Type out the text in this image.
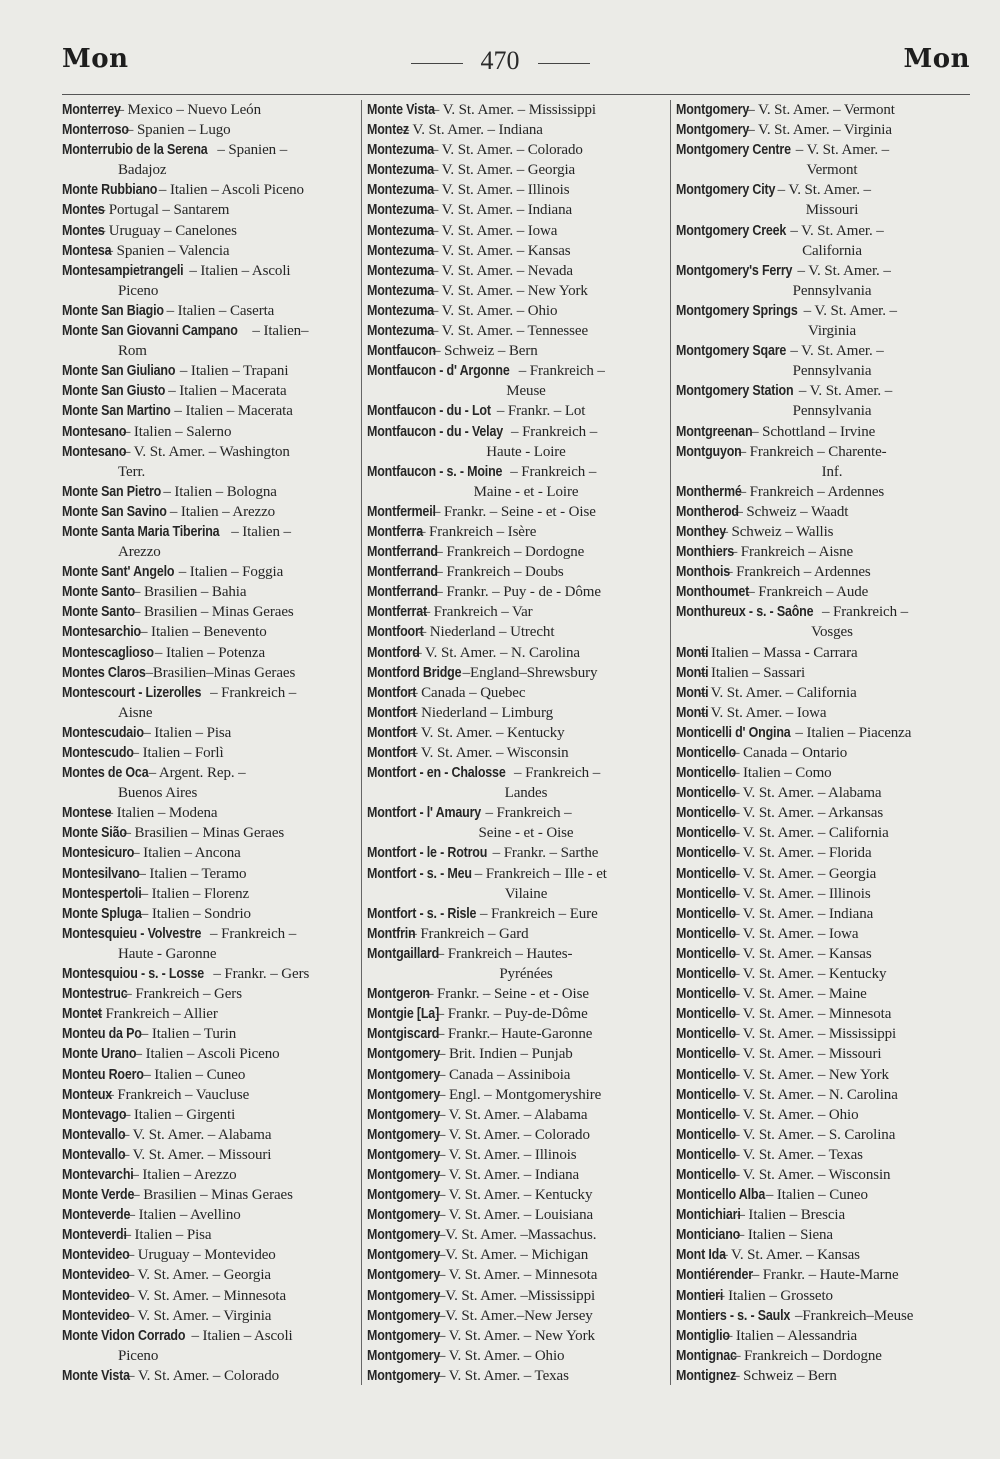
Mon	470	Mon
Monterrey – Mexico – Nuevo León
Monterroso – Spanien – Lugo
Monterrubio de la Serena – Spanien –
Badajoz
Monte Rubbiano – Italien – Ascoli Piceno
Montes – Portugal – Santarem
Montes – Uruguay – Canelones
Montesa – Spanien – Valencia
Montesampietrangeli – Italien – Ascoli
Piceno
Monte San Biagio – Italien – Caserta
Monte San Giovanni Campano – Italien–
Rom
Monte San Giuliano – Italien – Trapani
Monte San Giusto – Italien – Macerata
Monte San Martino – Italien – Macerata
Montesano – Italien – Salerno
Montesano – V. St. Amer. – Washington
Terr.
Monte San Pietro – Italien – Bologna
Monte San Savino – Italien – Arezzo
Monte Santa Maria Tiberina – Italien –
Arezzo
Monte Sant' Angelo – Italien – Foggia
Monte Santo – Brasilien – Bahia
Monte Santo – Brasilien – Minas Geraes
Montesarchio – Italien – Benevento
Montescaglioso – Italien – Potenza
Montes Claros –Brasilien–Minas Geraes
Montescourt - Lizerolles – Frankreich –
Aisne
Montescudaio – Italien – Pisa
Montescudo – Italien – Forlì
Montes de Oca – Argent. Rep. –
Buenos Aires
Montese – Italien – Modena
Monte Sião – Brasilien – Minas Geraes
Montesicuro – Italien – Ancona
Montesilvano – Italien – Teramo
Montespertoli – Italien – Florenz
Monte Spluga – Italien – Sondrio
Montesquieu - Volvestre – Frankreich –
Haute - Garonne
Montesquiou - s. - Losse – Frankr. – Gers
Montestruc – Frankreich – Gers
Montet – Frankreich – Allier
Monteu da Po – Italien – Turin
Monte Urano – Italien – Ascoli Piceno
Monteu Roero – Italien – Cuneo
Monteux – Frankreich – Vaucluse
Montevago – Italien – Girgenti
Montevallo – V. St. Amer. – Alabama
Montevallo – V. St. Amer. – Missouri
Montevarchi – Italien – Arezzo
Monte Verde – Brasilien – Minas Geraes
Monteverde – Italien – Avellino
Monteverdi – Italien – Pisa
Montevideo – Uruguay – Montevideo
Montevideo – V. St. Amer. – Georgia
Montevideo – V. St. Amer. – Minnesota
Montevideo – V. St. Amer. – Virginia
Monte Vidon Corrado – Italien – Ascoli
Piceno
Monte Vista – V. St. Amer. – Colorado
Monte Vista – V. St. Amer. – Mississippi
Montez – V. St. Amer. – Indiana
Montezuma – V. St. Amer. – Colorado
Montezuma – V. St. Amer. – Georgia
Montezuma – V. St. Amer. – Illinois
Montezuma – V. St. Amer. – Indiana
Montezuma – V. St. Amer. – Iowa
Montezuma – V. St. Amer. – Kansas
Montezuma – V. St. Amer. – Nevada
Montezuma – V. St. Amer. – New York
Montezuma – V. St. Amer. – Ohio
Montezuma – V. St. Amer. – Tennessee
Montfaucon – Schweiz – Bern
Montfaucon - d' Argonne – Frankreich –
Meuse
Montfaucon - du - Lot – Frankr. – Lot
Montfaucon - du - Velay – Frankreich –
Haute - Loire
Montfaucon - s. - Moine – Frankreich –
Maine - et - Loire
Montfermeil – Frankr. – Seine - et - Oise
Montferra – Frankreich – Isère
Montferrand – Frankreich – Dordogne
Montferrand – Frankreich – Doubs
Montferrand – Frankr. – Puy - de - Dôme
Montferrat – Frankreich – Var
Montfoort – Niederland – Utrecht
Montford – V. St. Amer. – N. Carolina
Montford Bridge –England–Shrewsbury
Montfort – Canada – Quebec
Montfort – Niederland – Limburg
Montfort – V. St. Amer. – Kentucky
Montfort – V. St. Amer. – Wisconsin
Montfort - en - Chalosse – Frankreich –
Landes
Montfort - l' Amaury – Frankreich –
Seine - et - Oise
Montfort - le - Rotrou – Frankr. – Sarthe
Montfort - s. - Meu – Frankreich – Ille - et
Vilaine
Montfort - s. - Risle – Frankreich – Eure
Montfrin – Frankreich – Gard
Montgaillard – Frankreich – Hautes-
Pyrénées
Montgeron – Frankr. – Seine - et - Oise
Montgie [La] – Frankr. – Puy-de-Dôme
Montgiscard – Frankr.– Haute-Garonne
Montgomery – Brit. Indien – Punjab
Montgomery – Canada – Assiniboia
Montgomery – Engl. – Montgomeryshire
Montgomery – V. St. Amer. – Alabama
Montgomery – V. St. Amer. – Colorado
Montgomery – V. St. Amer. – Illinois
Montgomery – V. St. Amer. – Indiana
Montgomery – V. St. Amer. – Kentucky
Montgomery – V. St. Amer. – Louisiana
Montgomery –V. St. Amer. –Massachus.
Montgomery –V. St. Amer. – Michigan
Montgomery – V. St. Amer. – Minnesota
Montgomery –V. St. Amer. –Mississippi
Montgomery –V. St. Amer.–New Jersey
Montgomery – V. St. Amer. – New York
Montgomery – V. St. Amer. – Ohio
Montgomery – V. St. Amer. – Texas
Montgomery – V. St. Amer. – Vermont
Montgomery – V. St. Amer. – Virginia
Montgomery Centre – V. St. Amer. –
Vermont
Montgomery City – V. St. Amer. –
Missouri
Montgomery Creek – V. St. Amer. –
California
Montgomery's Ferry – V. St. Amer. –
Pennsylvania
Montgomery Springs – V. St. Amer. –
Virginia
Montgomery Sqare – V. St. Amer. –
Pennsylvania
Montgomery Station – V. St. Amer. –
Pennsylvania
Montgreenan – Schottland – Irvine
Montguyon – Frankreich – Charente-
Inf.
Monthermé – Frankreich – Ardennes
Montherod – Schweiz – Waadt
Monthey – Schweiz – Wallis
Monthiers – Frankreich – Aisne
Monthois – Frankreich – Ardennes
Monthoumet – Frankreich – Aude
Monthureux - s. - Saône – Frankreich –
Vosges
Monti – Italien – Massa - Carrara
Monti – Italien – Sassari
Monti – V. St. Amer. – California
Monti – V. St. Amer. – Iowa
Monticelli d' Ongina – Italien – Piacenza
Monticello – Canada – Ontario
Monticello – Italien – Como
Monticello – V. St. Amer. – Alabama
Monticello – V. St. Amer. – Arkansas
Monticello – V. St. Amer. – California
Monticello – V. St. Amer. – Florida
Monticello – V. St. Amer. – Georgia
Monticello – V. St. Amer. – Illinois
Monticello – V. St. Amer. – Indiana
Monticello – V. St. Amer. – Iowa
Monticello – V. St. Amer. – Kansas
Monticello – V. St. Amer. – Kentucky
Monticello – V. St. Amer. – Maine
Monticello – V. St. Amer. – Minnesota
Monticello – V. St. Amer. – Mississippi
Monticello – V. St. Amer. – Missouri
Monticello – V. St. Amer. – New York
Monticello – V. St. Amer. – N. Carolina
Monticello – V. St. Amer. – Ohio
Monticello – V. St. Amer. – S. Carolina
Monticello – V. St. Amer. – Texas
Monticello – V. St. Amer. – Wisconsin
Monticello Alba – Italien – Cuneo
Montichiari – Italien – Brescia
Monticiano – Italien – Siena
Mont Ida – V. St. Amer. – Kansas
Montiérender – Frankr. – Haute-Marne
Montieri – Italien – Grosseto
Montiers - s. - Saulx –Frankreich–Meuse
Montiglio – Italien – Alessandria
Montignac – Frankreich – Dordogne
Montignez – Schweiz – Bern
